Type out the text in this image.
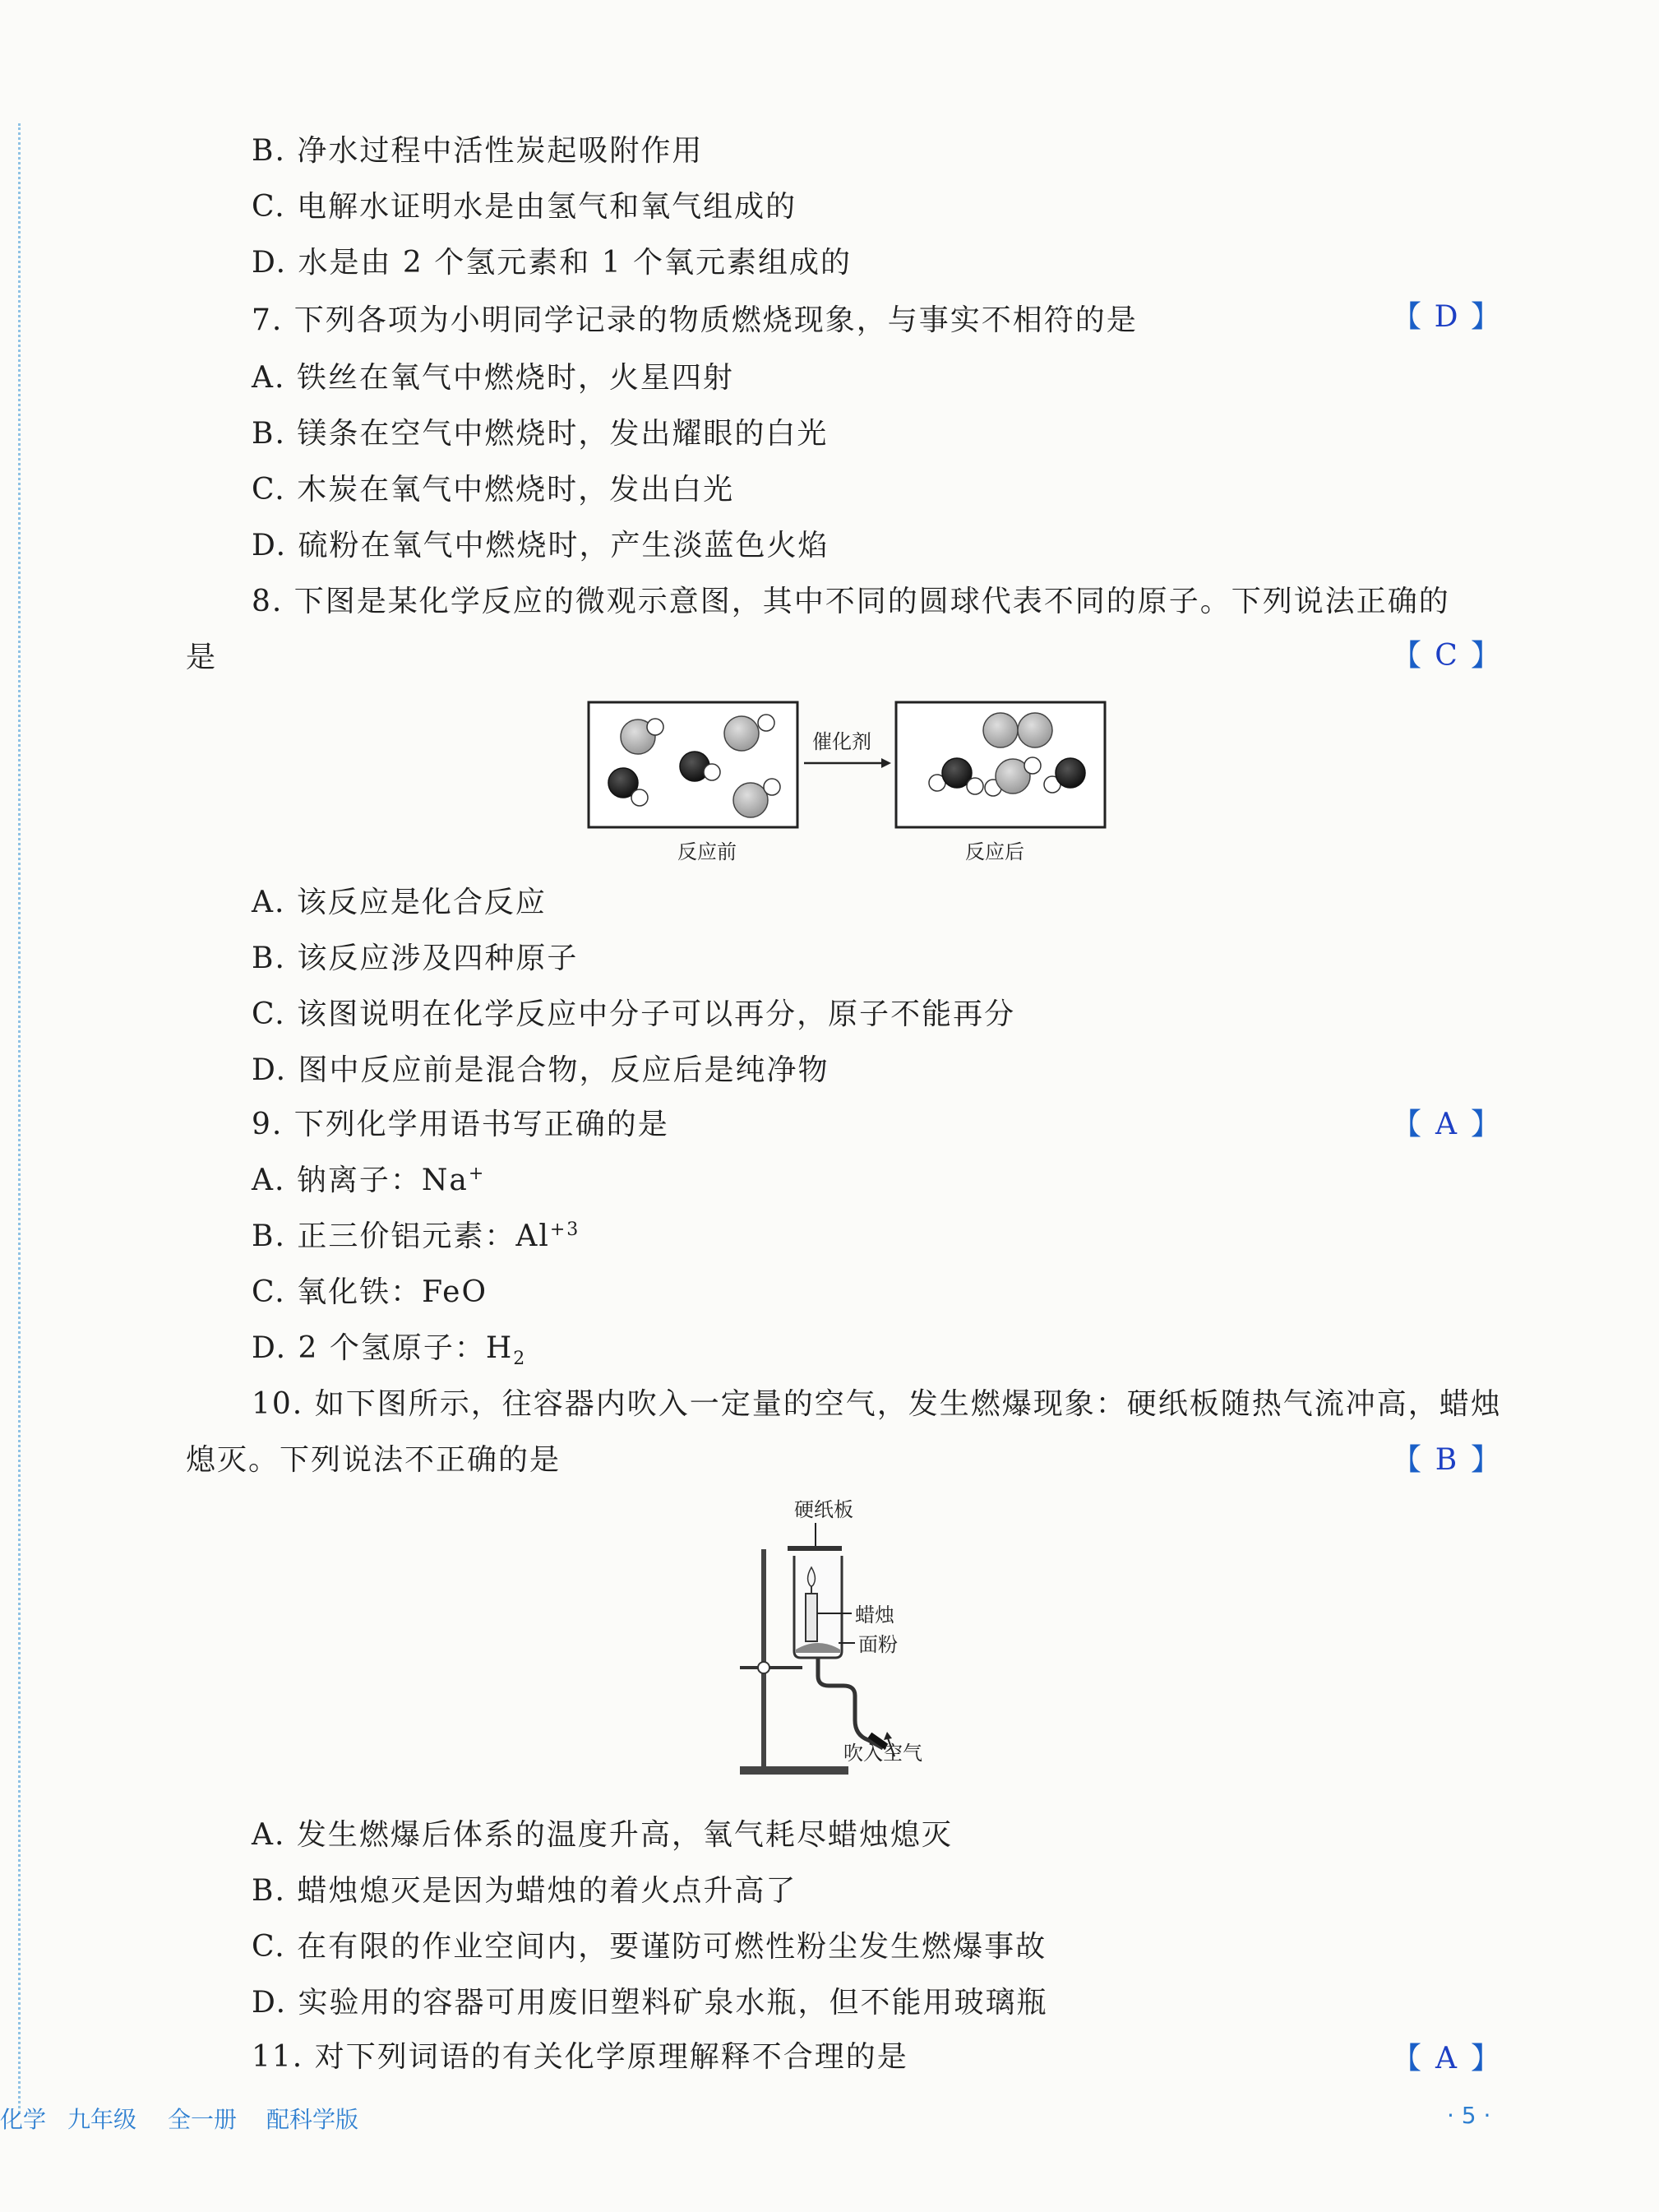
B. 净水过程中活性炭起吸附作用
C. 电解水证明水是由氢气和氧气组成的
D. 水是由 2 个氢元素和 1 个氧元素组成的
7. 下列各项为小明同学记录的物质燃烧现象，与事实不相符的是	【 D 】
A. 铁丝在氧气中燃烧时，火星四射
B. 镁条在空气中燃烧时，发出耀眼的白光
C. 木炭在氧气中燃烧时，发出白光
D. 硫粉在氧气中燃烧时，产生淡蓝色火焰
8. 下图是某化学反应的微观示意图，其中不同的圆球代表不同的原子。下列说法正确的
是	【 C 】
催化剂
反应前	反应后
A. 该反应是化合反应
B. 该反应涉及四种原子
C. 该图说明在化学反应中分子可以再分，原子不能再分
D. 图中反应前是混合物，反应后是纯净物
9. 下列化学用语书写正确的是	【 A 】
A. 钠离子：Na+
B. 正三价铝元素：$Al^{+3}$
C. 氧化铁：FeO
D. 2 个氢原子：$H_2$
10. 如下图所示，往容器内吹入一定量的空气，发生燃爆现象：硬纸板随热气流冲高，蜡烛
熄灭。下列说法不正确的是	【 B 】
硬纸板
蜡烛
面粉
吹入空气
A. 发生燃爆后体系的温度升高，氧气耗尽蜡烛熄灭
B. 蜡烛熄灭是因为蜡烛的着火点升高了
C. 在有限的作业空间内，要谨防可燃性粉尘发生燃爆事故
D. 实验用的容器可用废旧塑料矿泉水瓶，但不能用玻璃瓶
11. 对下列词语的有关化学原理解释不合理的是	【 A 】
化学 九年级 全一册 配科学版	· 5 ·
